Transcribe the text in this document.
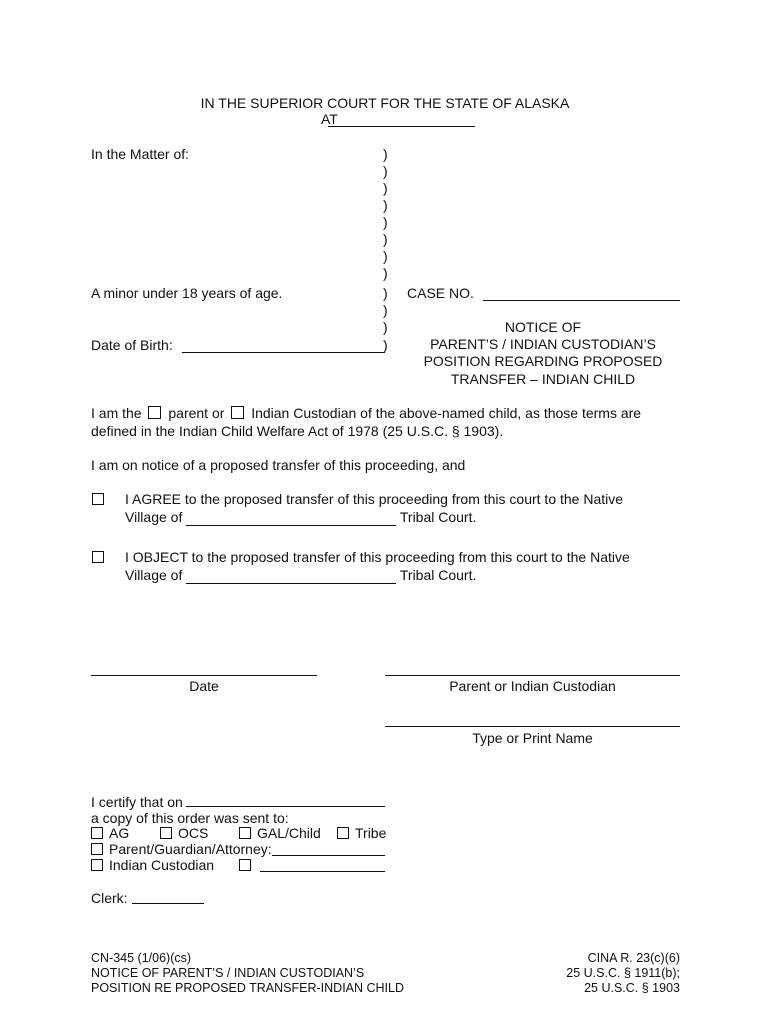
IN THE SUPERIOR COURT FOR THE STATE OF ALASKA
AT
In the Matter of:
A minor under 18 years of age.
Date of Birth:
)
)
)
)
)
)
)
)
)
)
)
)
CASE NO.
NOTICE OF
PARENT’S / INDIAN CUSTODIAN’S
POSITION REGARDING PROPOSED
TRANSFER – INDIAN CHILD
I am the parent or Indian Custodian of the above-named child, as those terms are
defined in the Indian Child Welfare Act of 1978 (25 U.S.C. § 1903).
I am on notice of a proposed transfer of this proceeding, and
I AGREE to the proposed transfer of this proceeding from this court to the Native
Village of	Tribal Court.
I OBJECT to the proposed transfer of this proceeding from this court to the Native
Village of	Tribal Court.
Date	Parent or Indian Custodian
Type or Print Name
I certify that on
a copy of this order was sent to:
AG	OCS	GAL/Child Tribe
Parent/Guardian/Attorney:
Indian Custodian
Clerk:
CN-345 (1/06)(cs)
NOTICE OF PARENT’S / INDIAN CUSTODIAN’S
POSITION RE PROPOSED TRANSFER-INDIAN CHILD
CINA R. 23(c)(6)
25 U.S.C. § 1911(b);
25 U.S.C. § 1903
